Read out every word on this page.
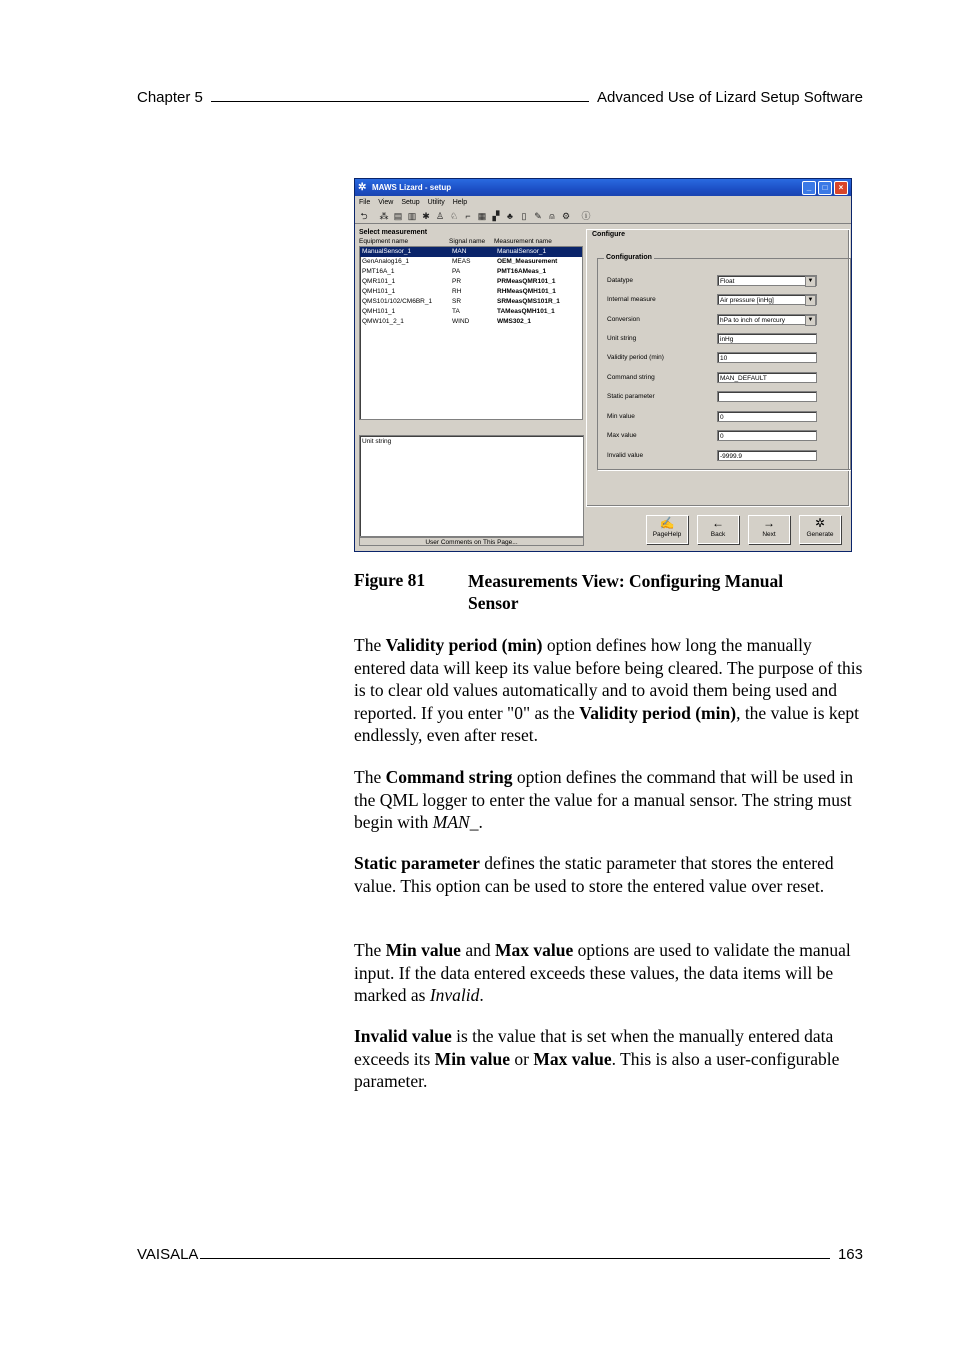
Chapter 5	Advanced Use of Lizard Setup Software
✲ MAWS Lizard - setup	_	□	×
File View Setup Utility Help
⮌ ⁂ ▤ ▥ ✱ ♙ ♘ ⌐ ▦ ▞ ♣ ▯ ✎ ⍝ ⚙ ⓘ
Select measurement
Equipment name	Signal name	Measurement name
ManualSensor_1	MAN	ManualSensor_1
GenAnalog16_1	MEAS	OEM_Measurement
PMT16A_1	PA	PMT16AMeas_1
QMR101_1	PR	PRMeasQMR101_1
QMH101_1	RH	RHMeasQMH101_1
QMS101/102/CM6BR_1	SR	SRMeasQMS101R_1
QMH101_1	TA	TAMeasQMH101_1
QMW101_2_1	WIND	WMS302_1
Unit string
User Comments on This Page...
Configure
Configuration
Datatype	Float	▼
Internal measure	Air pressure [inHg]	▼
Conversion	hPa to inch of mercury	▼
Unit string	inHg
Validity period (min)	10
Command string	MAN_DEFAULT
Static parameter
Min value	0
Max value	0
Invalid value	-9999.9
✍
PageHelp
←
Back
→
Next
✲
Generate
Figure 81	Measurements View: Configuring Manual Sensor

The Validity period (min) option defines how long the manually entered data will keep its value before being cleared. The purpose of this is to clear old values automatically and to avoid them being used and reported. If you enter "0" as the Validity period (min), the value is kept endlessly, even after reset.

The Command string option defines the command that will be used in the QML logger to enter the value for a manual sensor. The string must begin with MAN_.

Static parameter defines the static parameter that stores the entered value. This option can be used to store the entered value over reset.

The Min value and Max value options are used to validate the manual input. If the data entered exceeds these values, the data items will be marked as Invalid.

Invalid value is the value that is set when the manually entered data exceeds its Min value or Max value. This is also a user-configurable parameter.

VAISALA	163
